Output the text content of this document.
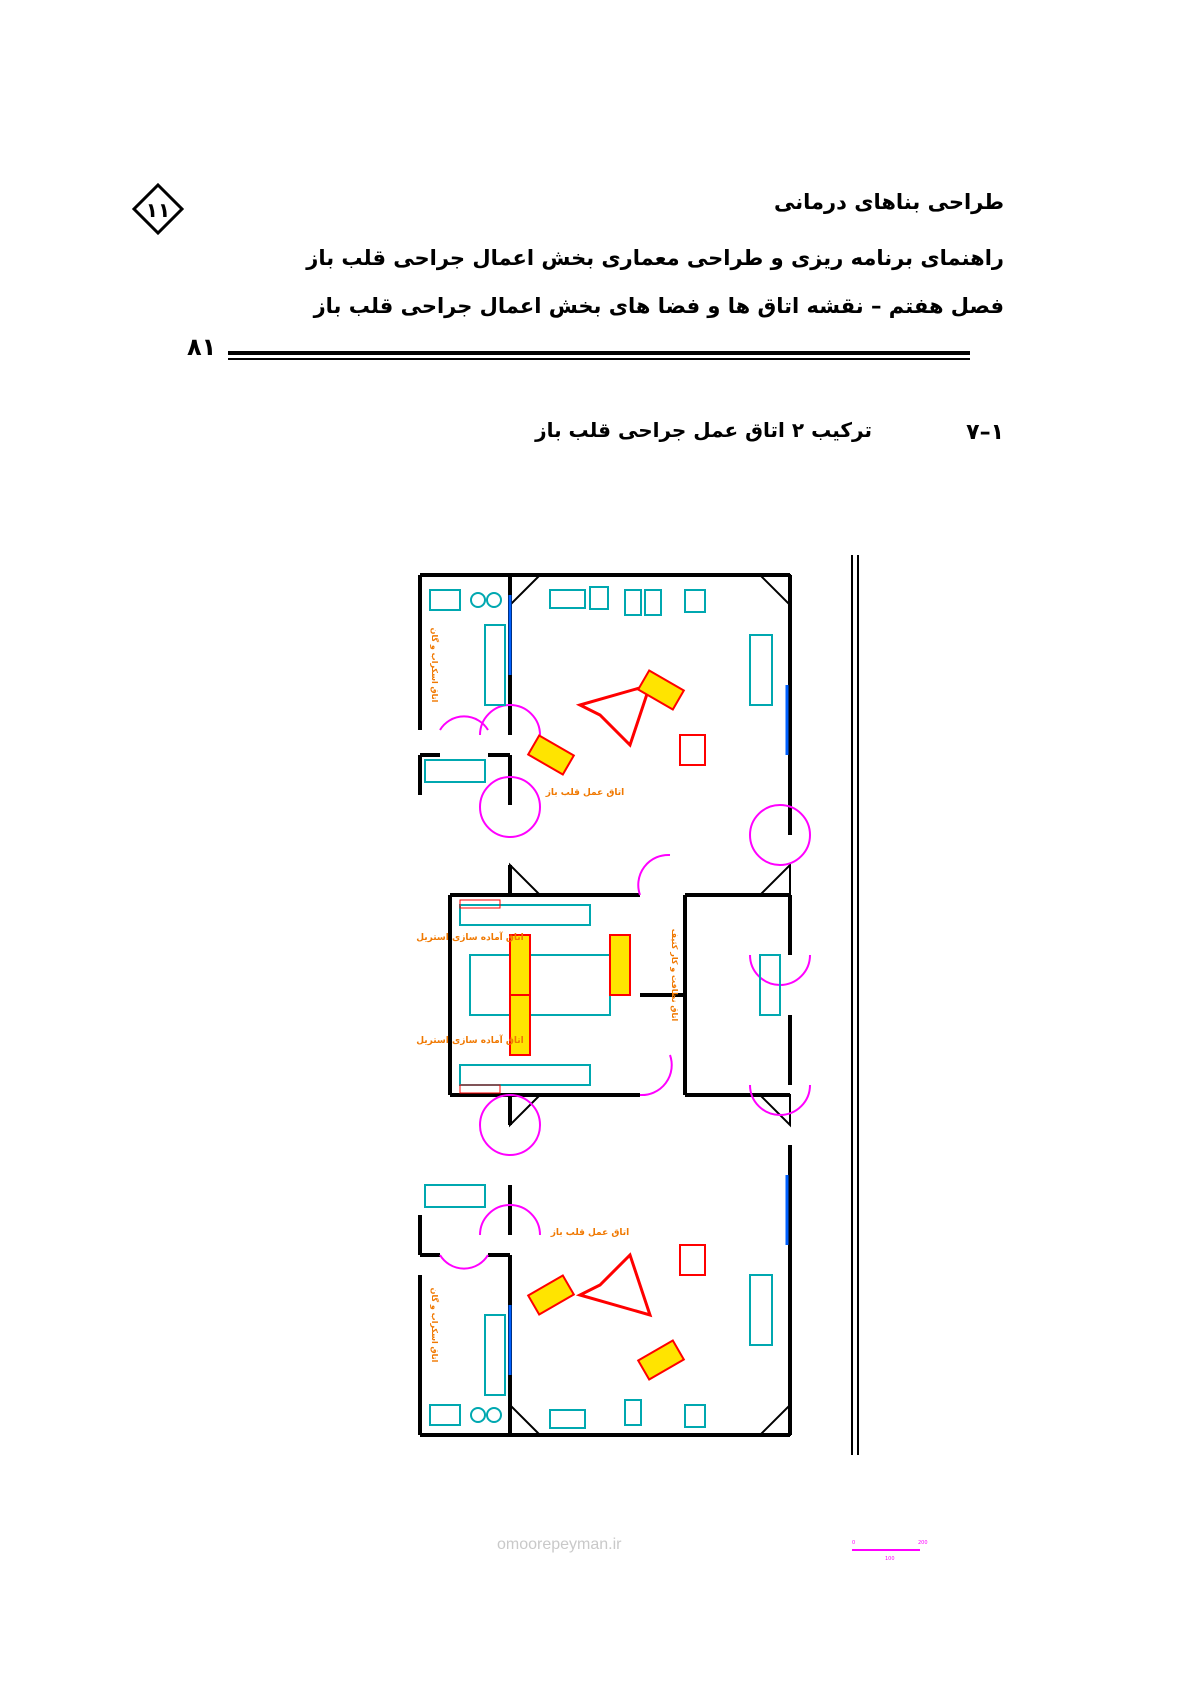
طراحی بناهای درمانی
۱۱
راهنمای برنامه ریزی و طراحی معماری بخش اعمال جراحی قلب باز
فصل هفتم – نقشه اتاق ها و فضا های بخش اعمال جراحی قلب باز
۸۱
۱–۷
ترکیب ۲ اتاق عمل جراحی قلب باز
اتاق عمل قلب باز
اتاق عمل قلب باز
اتاق آماده سازی استریل
اتاق آماده سازی استریل
اتاق اسکراب و گان
اتاق اسکراب و گان
اتاق نظافت و کار کثیف
omoorepeyman.ir	0
100
200
